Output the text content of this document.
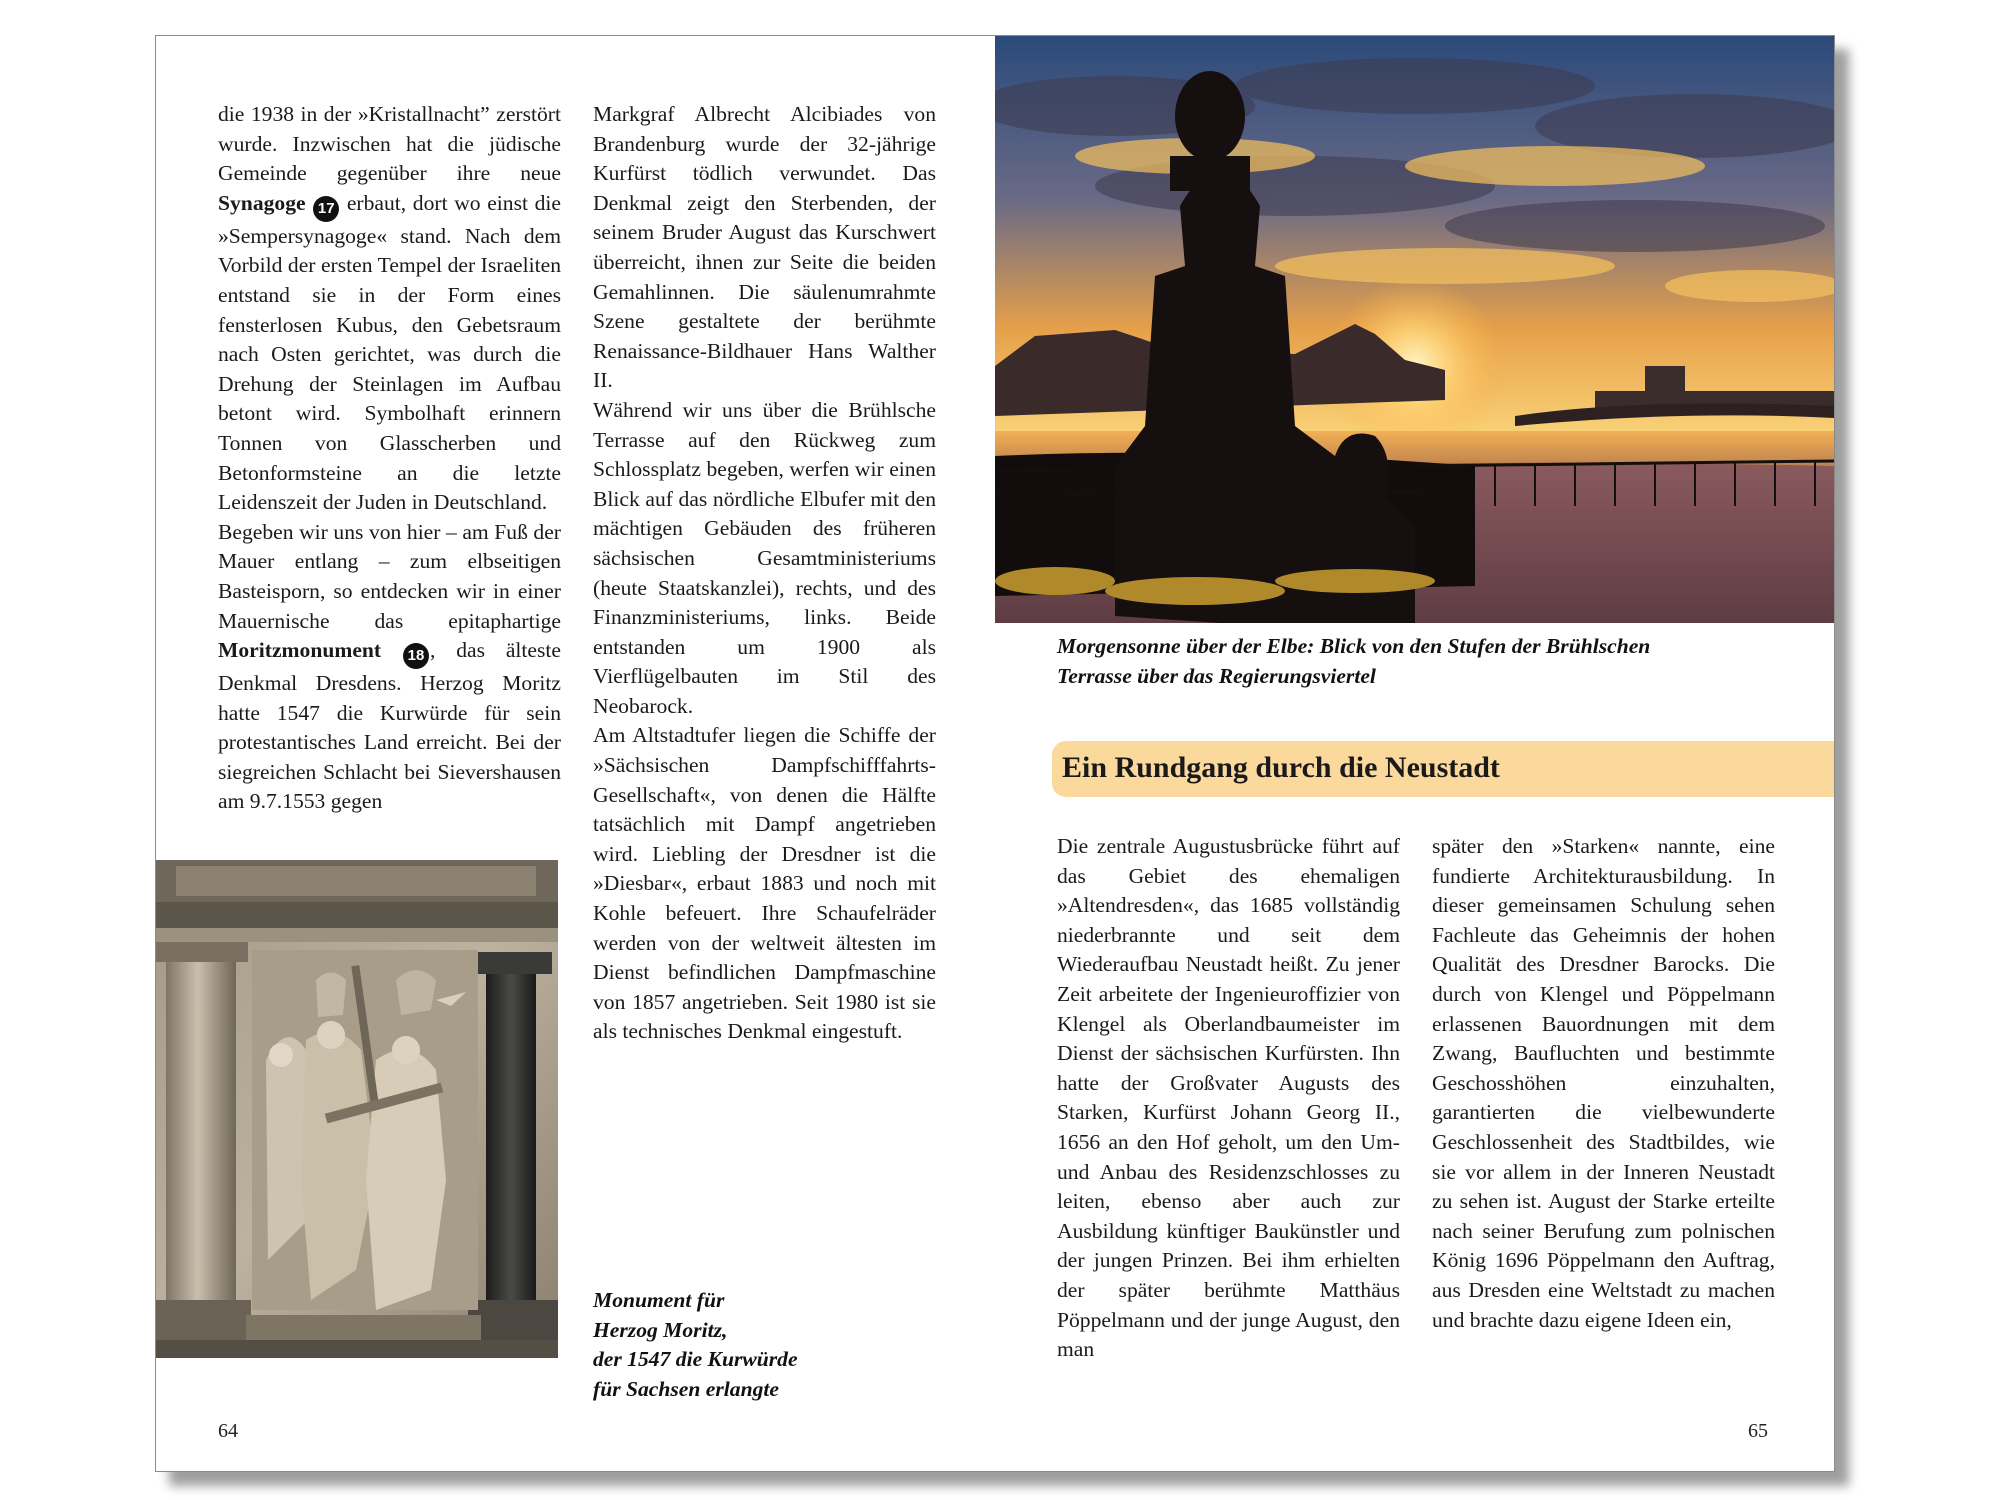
die 1938 in der »Kristallnacht” zerstört wurde. Inzwischen hat die jüdische Gemeinde gegenüber ihre neue Synagoge 17 erbaut, dort wo einst die »Sempersynagoge« stand. Nach dem Vorbild der ersten Tempel der Israeliten entstand sie in der Form eines fensterlosen Kubus, den Gebetsraum nach Osten gerichtet, was durch die Drehung der Steinlagen im Aufbau betont wird. Symbolhaft erinnern Tonnen von Glasscherben und Betonformsteine an die letzte Leidenszeit der Juden in Deutschland.

Begeben wir uns von hier – am Fuß der Mauer entlang – zum elbseitigen Basteisporn, so entdecken wir in einer Mauernische das epitaphartige Moritzmonument 18 , das älteste Denkmal Dresdens. Herzog Moritz hatte 1547 die Kurwürde für sein protestantisches Land erreicht. Bei der siegreichen Schlacht bei Sievershausen am 9.7.1553 gegen

Markgraf Albrecht Alcibiades von Brandenburg wurde der 32-jährige Kurfürst tödlich verwundet. Das Denkmal zeigt den Sterbenden, der seinem Bruder August das Kurschwert überreicht, ihnen zur Seite die beiden Gemahlinnen. Die säulenumrahmte Szene gestaltete der berühmte Renaissance-Bildhauer Hans Walther II.

Während wir uns über die Brühlsche Terrasse auf den Rückweg zum Schlossplatz begeben, werfen wir einen Blick auf das nördliche Elbufer mit den mächtigen Gebäuden des früheren sächsischen Gesamtministeriums (heute Staatskanzlei), rechts, und des Finanzministeriums, links. Beide entstanden um 1900 als Vierflügelbauten im Stil des Neobarock.

Am Altstadtufer liegen die Schiffe der »Sächsischen Dampfschifffahrts-Gesellschaft«, von denen die Hälfte tatsächlich mit Dampf angetrieben wird. Liebling der Dresdner ist die »Diesbar«, erbaut 1883 und noch mit Kohle befeuert. Ihre Schaufelräder werden von der weltweit ältesten im Dienst befindlichen Dampfmaschine von 1857 angetrieben. Seit 1980 ist sie als technisches Denkmal eingestuft.

Monument für
Herzog Moritz,
der 1547 die Kurwürde
für Sachsen erlangte
64
Morgensonne über der Elbe: Blick von den Stufen der Brühlschen
Terrasse über das Regierungsviertel
Ein Rundgang durch die Neustadt

Die zentrale Augustusbrücke führt auf das Gebiet des ehemaligen »Altendresden«, das 1685 vollständig niederbrannte und seit dem Wiederaufbau Neustadt heißt. Zu jener Zeit arbeitete der Ingenieuroffizier von Klengel als Oberlandbaumeister im Dienst der sächsischen Kurfürsten. Ihn hatte der Großvater Augusts des Starken, Kurfürst Johann Georg II., 1656 an den Hof geholt, um den Um- und Anbau des Residenzschlosses zu leiten, ebenso aber auch zur Ausbildung künftiger Baukünstler und der jungen Prinzen. Bei ihm erhielten der später berühmte Matthäus Pöppelmann und der junge August, den man

später den »Starken« nannte, eine fundierte Architekturausbildung. In dieser gemeinsamen Schulung sehen Fachleute das Geheimnis der hohen Qualität des Dresdner Barocks. Die durch von Klengel und Pöppelmann erlassenen Bauordnungen mit dem Zwang, Baufluchten und bestimmte Geschosshöhen einzuhalten, garantierten die vielbewunderte Geschlossenheit des Stadtbildes, wie sie vor allem in der Inneren Neustadt zu sehen ist. August der Starke erteilte nach seiner Berufung zum polnischen König 1696 Pöppelmann den Auftrag, aus Dresden eine Weltstadt zu machen und brachte dazu eigene Ideen ein,

65
